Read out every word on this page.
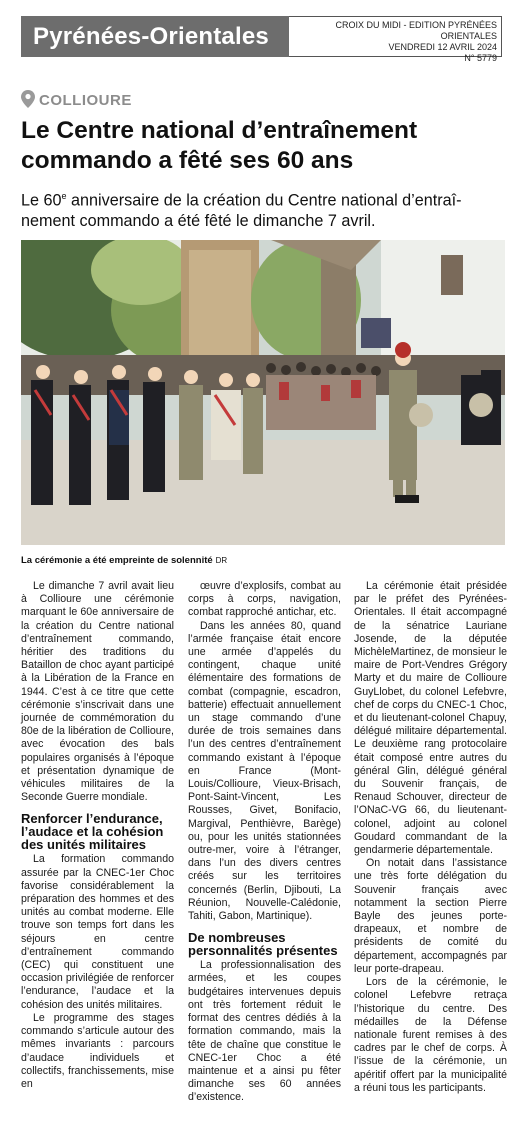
Pyrénées-Orientales	CROIX DU MIDI - EDITION PYRÉNÉES ORIENTALES
VENDREDI 12 AVRIL 2024
N° 5779
COLLIOURE
Le Centre national d’entraînement
commando a fêté ses 60 ans
Le 60e anniversaire de la création du Centre national d’entraî- nement commando a été fêté le dimanche 7 avril.
La cérémonie a été empreinte de solennité DR

Le dimanche 7 avril avait lieu à Collioure une cérémonie marquant le 60e anniversaire de la création du Centre national d’entraînement commando, héritier des traditions du Bataillon de choc ayant participé à la Libération de la France en 1944. C’est à ce titre que cette cérémonie s’inscrivait dans une journée de commémoration du 80e de la libération de Collioure, avec évocation des bals populaires organisés à l’époque et présentation dynamique de véhicules militaires de la Seconde Guerre mondiale.

Renforcer l’endurance, l’audace et la cohésion des unités militaires

La formation commando assurée par la CNEC-1er Choc favorise considérablement la préparation des hommes et des unités au combat moderne. Elle trouve son temps fort dans les séjours en centre d’entraînement commando (CEC) qui constituent une occasion privilégiée de renforcer l’endurance, l’audace et la cohésion des unités militaires.

Le programme des stages commando s’articule autour des mêmes invariants : parcours d’audace individuels et collectifs, franchissements, mise en

œuvre d’explosifs, combat au corps à corps, navigation, combat rapproché antichar, etc.

Dans les années 80, quand l’armée française était encore une armée d’appelés du contingent, chaque unité élémentaire des formations de combat (compagnie, escadron, batterie) effectuait annuellement un stage commando d’une durée de trois semaines dans l’un des centres d’entraînement commando existant à l’époque en France (Mont-Louis/Collioure, Vieux-Brisach, Pont-Saint-Vincent, Les Rousses, Givet, Bonifacio, Margival, Penthièvre, Barège) ou, pour les unités stationnées outre-mer, voire à l’étranger, dans l’un des divers centres créés sur les territoires concernés (Berlin, Djibouti, La Réunion, Nouvelle-Calédonie, Tahiti, Gabon, Martinique).

De nombreuses personnalités présentes

La professionnalisation des armées, et les coupes budgétaires intervenues depuis ont très fortement réduit le format des centres dédiés à la formation commando, mais la tête de chaîne que constitue le CNEC-1er Choc a été maintenue et a ainsi pu fêter dimanche ses 60 années d’existence.

La cérémonie était présidée par le préfet des Pyrénées-Orientales. Il était accompagné de la sénatrice Lauriane Josende, de la députée MichèleMartinez, de monsieur le maire de Port-Vendres Grégory Marty et du maire de Collioure GuyLlobet, du colonel Lefebvre, chef de corps du CNEC-1 Choc, et du lieutenant-colonel Chapuy, délégué militaire départemental. Le deuxième rang protocolaire était composé entre autres du général Glin, délégué général du Souvenir français, de Renaud Schouver, directeur de l’ONaC-VG 66, du lieutenant-colonel, adjoint au colonel Goudard commandant de la gendarmerie départementale.

On notait dans l’assistance une très forte délégation du Souvenir français avec notamment la section Pierre Bayle des jeunes porte-drapeaux, et nombre de présidents de comité du département, accompagnés par leur porte-drapeau.

Lors de la cérémonie, le colonel Lefebvre retraça l’historique du centre. Des médailles de la Défense nationale furent remises à des cadres par le chef de corps. À l’issue de la cérémonie, un apéritif offert par la municipalité a réuni tous les participants.
